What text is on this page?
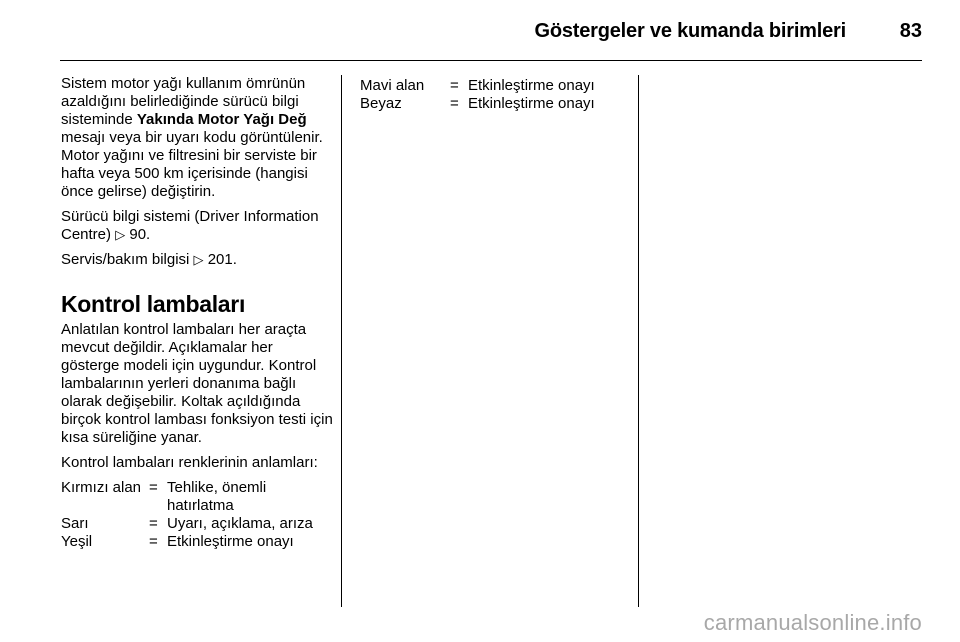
Göstergeler ve kumanda birimleri	83

Sistem motor yağı kullanım ömrünün azaldığını belirlediğinde sürücü bilgi sisteminde Yakında Motor Yağı Değ mesajı veya bir uyarı kodu görüntülenir. Motor yağını ve filtresini bir serviste bir hafta veya 500 km içerisinde (hangisi önce gelirse) değiştirin.

Sürücü bilgi sistemi (Driver Information Centre) ▷ 90.

Servis/bakım bilgisi ▷ 201.

Kontrol lambaları

Anlatılan kontrol lambaları her araçta mevcut değildir. Açıklamalar her gösterge modeli için uygundur. Kontrol lambalarının yerleri donanıma bağlı olarak değişebilir. Koltak açıldığında birçok kontrol lambası fonksiyon testi için kısa süreliğine yanar.

Kontrol lambaları renklerinin anlamları:

Kırmızı alan	=	Tehlike, önemli hatırlatma
Sarı	=	Uyarı, açıklama, arıza
Yeşil	=	Etkinleştirme onayı
Mavi alan	=	Etkinleştirme onayı
Beyaz	=	Etkinleştirme onayı
carmanualsonline.info
